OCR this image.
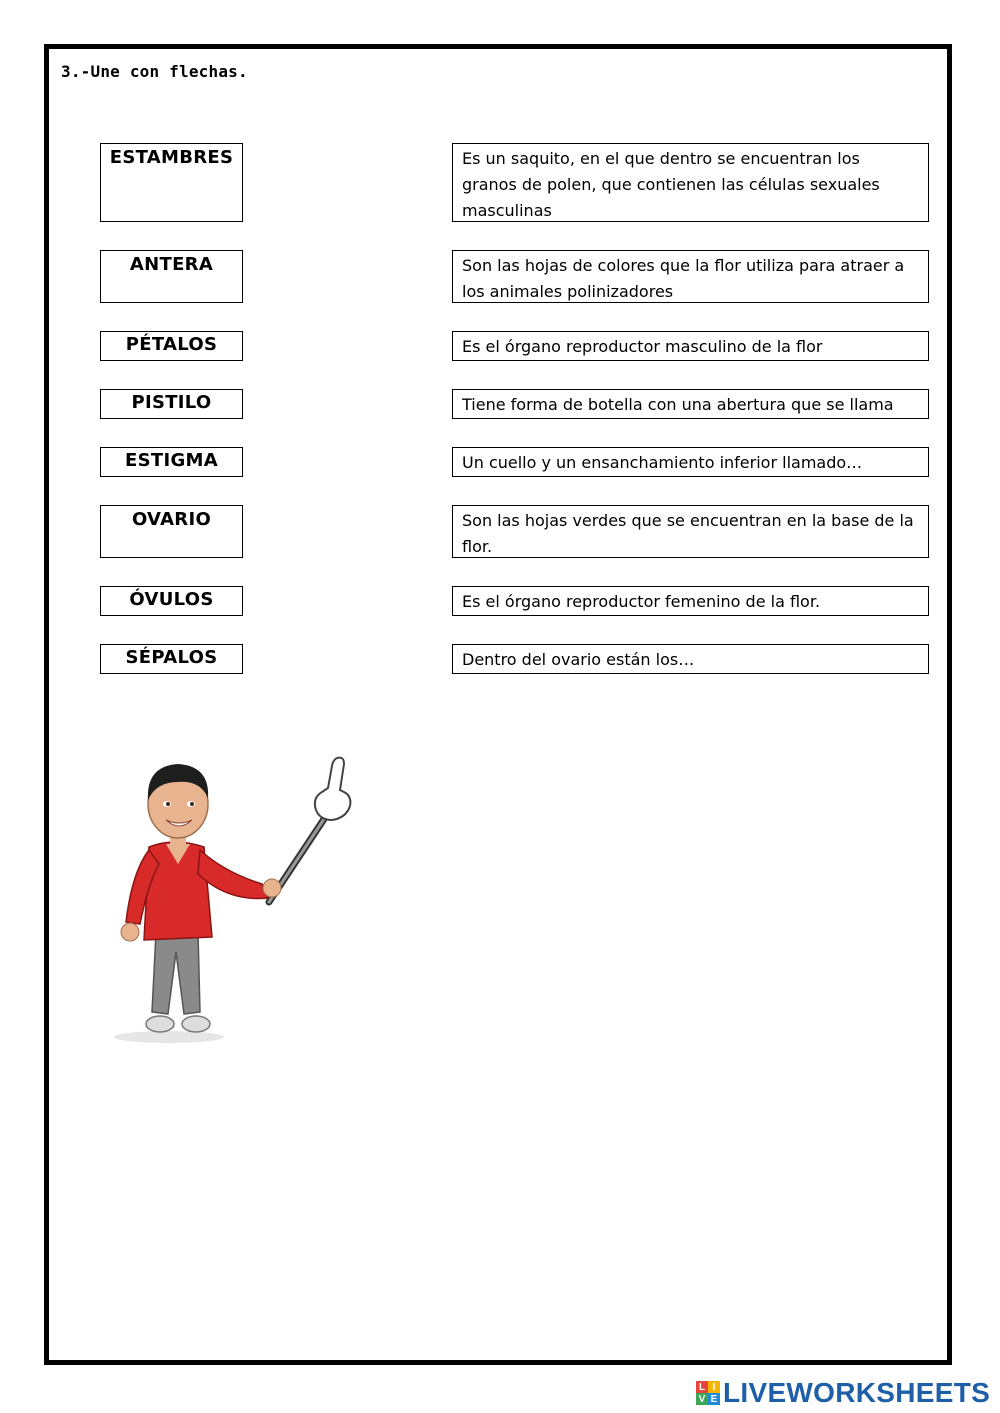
3.-Une con flechas.
ESTAMBRES
ANTERA
PÉTALOS
PISTILO
ESTIGMA
OVARIO
ÓVULOS
SÉPALOS
Es un saquito, en el que dentro se encuentran los granos de polen, que contienen las células sexuales masculinas
Son las hojas de colores que la flor utiliza para atraer a los animales polinizadores
Es el órgano reproductor masculino de la flor
Tiene forma de botella con una abertura que se llama
Un cuello y un ensanchamiento inferior llamado…
Son las hojas verdes que se encuentran en la base de la flor.
Es el órgano reproductor femenino de la flor.
Dentro del ovario están los…
L I
V E LIVEWORKSHEETS
